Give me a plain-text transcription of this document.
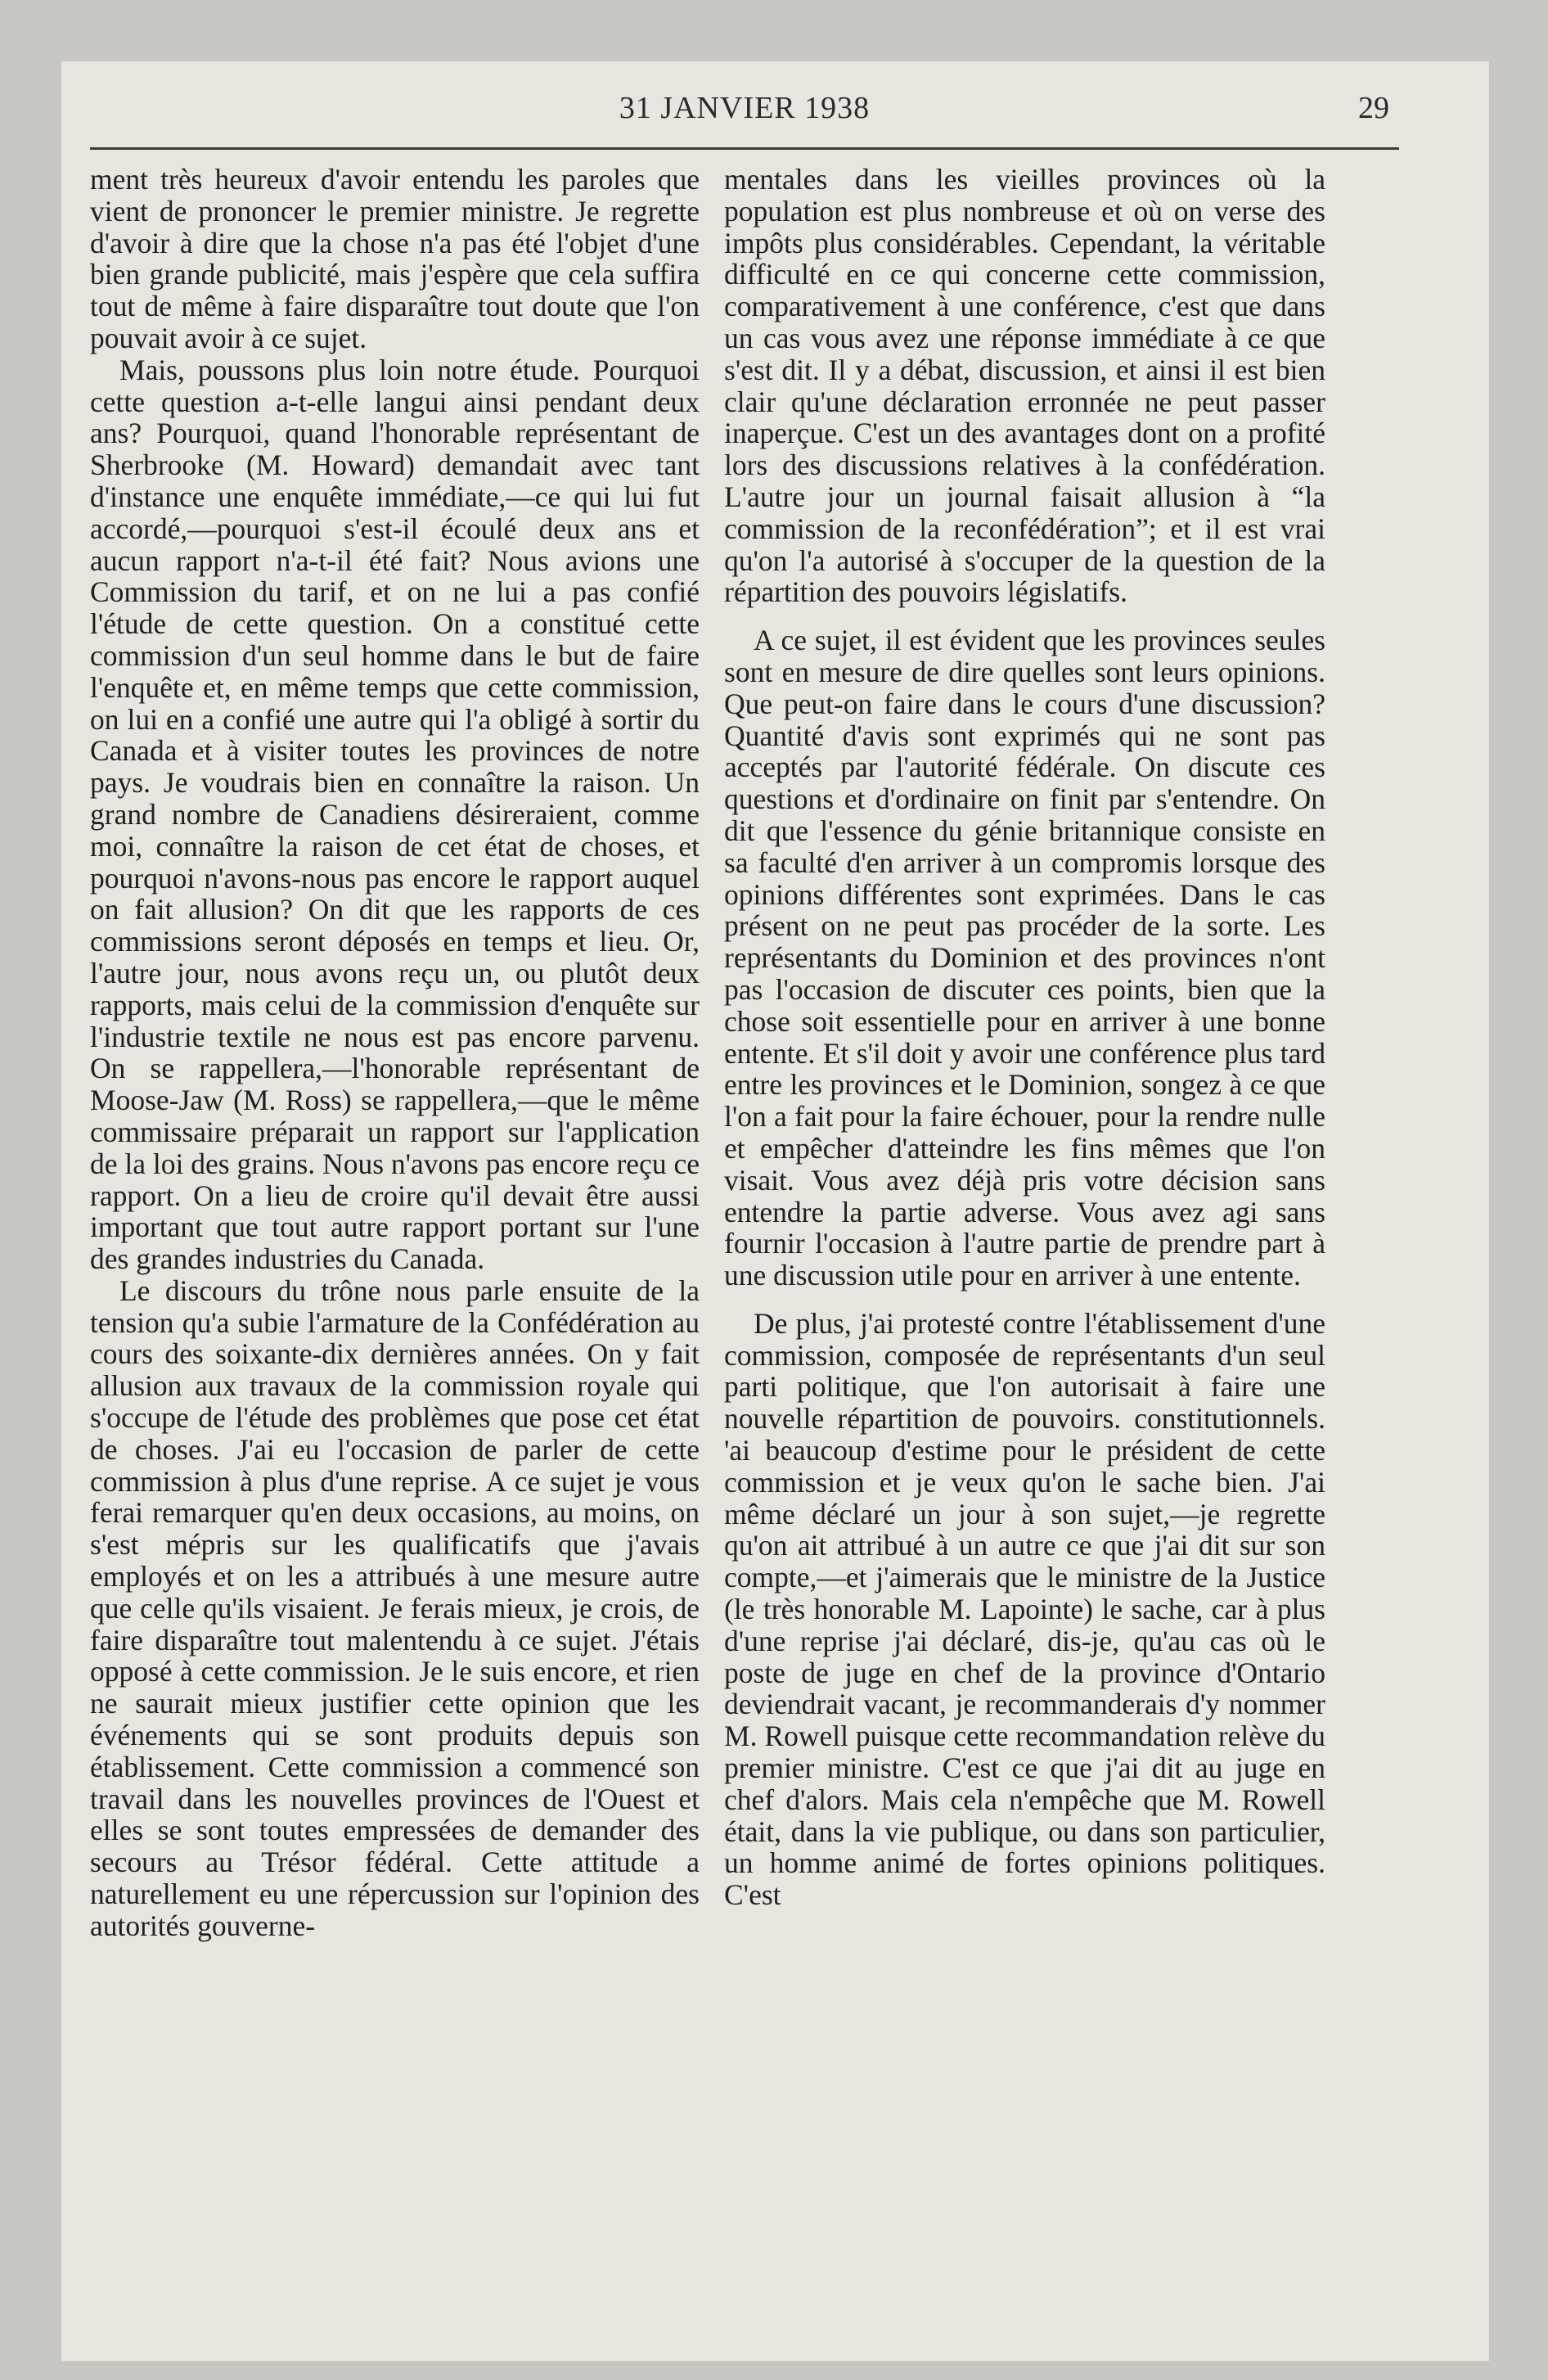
31 JANVIER 1938	29

ment très heureux d'avoir entendu les paroles que vient de prononcer le premier ministre. Je regrette d'avoir à dire que la chose n'a pas été l'objet d'une bien grande publicité, mais j'espère que cela suffira tout de même à faire disparaître tout doute que l'on pouvait avoir à ce sujet.

Mais, poussons plus loin notre étude. Pourquoi cette question a-t-elle langui ainsi pendant deux ans? Pourquoi, quand l'honorable représentant de Sherbrooke (M. Howard) demandait avec tant d'instance une enquête immédiate,—ce qui lui fut accordé,—pourquoi s'est-il écoulé deux ans et aucun rapport n'a-t-il été fait? Nous avions une Commission du tarif, et on ne lui a pas confié l'étude de cette question. On a constitué cette commission d'un seul homme dans le but de faire l'enquête et, en même temps que cette commission, on lui en a confié une autre qui l'a obligé à sortir du Canada et à visiter toutes les provinces de notre pays. Je voudrais bien en connaître la raison. Un grand nombre de Canadiens désireraient, comme moi, connaître la raison de cet état de choses, et pourquoi n'avons-nous pas encore le rapport auquel on fait allusion? On dit que les rapports de ces commissions seront déposés en temps et lieu. Or, l'autre jour, nous avons reçu un, ou plutôt deux rapports, mais celui de la commission d'enquête sur l'industrie textile ne nous est pas encore parvenu. On se rappellera,—l'honorable représentant de Moose-Jaw (M. Ross) se rappellera,—que le même commissaire préparait un rapport sur l'application de la loi des grains. Nous n'avons pas encore reçu ce rapport. On a lieu de croire qu'il devait être aussi important que tout autre rapport portant sur l'une des grandes industries du Canada.

Le discours du trône nous parle ensuite de la tension qu'a subie l'armature de la Confédération au cours des soixante-dix dernières années. On y fait allusion aux travaux de la commission royale qui s'occupe de l'étude des problèmes que pose cet état de choses. J'ai eu l'occasion de parler de cette commission à plus d'une reprise. A ce sujet je vous ferai remarquer qu'en deux occasions, au moins, on s'est mépris sur les qualificatifs que j'avais employés et on les a attribués à une mesure autre que celle qu'ils visaient. Je ferais mieux, je crois, de faire disparaître tout malentendu à ce sujet. J'étais opposé à cette commission. Je le suis encore, et rien ne saurait mieux justifier cette opinion que les événements qui se sont produits depuis son établissement. Cette commission a commencé son travail dans les nouvelles provinces de l'Ouest et elles se sont toutes empressées de demander des secours au Trésor fédéral. Cette attitude a naturellement eu une répercussion sur l'opinion des autorités gouverne-

mentales dans les vieilles provinces où la population est plus nombreuse et où on verse des impôts plus considérables. Cependant, la véritable difficulté en ce qui concerne cette commission, comparativement à une conférence, c'est que dans un cas vous avez une réponse immédiate à ce que s'est dit. Il y a débat, discussion, et ainsi il est bien clair qu'une déclaration erronnée ne peut passer inaperçue. C'est un des avantages dont on a profité lors des discussions relatives à la confédération. L'autre jour un journal faisait allusion à “la commission de la reconfédération”; et il est vrai qu'on l'a autorisé à s'occuper de la question de la répartition des pouvoirs législatifs.

A ce sujet, il est évident que les provinces seules sont en mesure de dire quelles sont leurs opinions. Que peut-on faire dans le cours d'une discussion? Quantité d'avis sont exprimés qui ne sont pas acceptés par l'autorité fédérale. On discute ces questions et d'ordinaire on finit par s'entendre. On dit que l'essence du génie britannique consiste en sa faculté d'en arriver à un compromis lorsque des opinions différentes sont exprimées. Dans le cas présent on ne peut pas procéder de la sorte. Les représentants du Dominion et des provinces n'ont pas l'occasion de discuter ces points, bien que la chose soit essentielle pour en arriver à une bonne entente. Et s'il doit y avoir une conférence plus tard entre les provinces et le Dominion, songez à ce que l'on a fait pour la faire échouer, pour la rendre nulle et empêcher d'atteindre les fins mêmes que l'on visait. Vous avez déjà pris votre décision sans entendre la partie adverse. Vous avez agi sans fournir l'occasion à l'autre partie de prendre part à une discussion utile pour en arriver à une entente.

De plus, j'ai protesté contre l'établissement d'une commission, composée de représentants d'un seul parti politique, que l'on autorisait à faire une nouvelle répartition de pouvoirs. constitutionnels. 'ai beaucoup d'estime pour le président de cette commission et je veux qu'on le sache bien. J'ai même déclaré un jour à son sujet,—je regrette qu'on ait attribué à un autre ce que j'ai dit sur son compte,—et j'aimerais que le ministre de la Justice (le très honorable M. Lapointe) le sache, car à plus d'une reprise j'ai déclaré, dis-je, qu'au cas où le poste de juge en chef de la province d'Ontario deviendrait vacant, je recommanderais d'y nommer M. Rowell puisque cette recommandation relève du premier ministre. C'est ce que j'ai dit au juge en chef d'alors. Mais cela n'empêche que M. Rowell était, dans la vie publique, ou dans son particulier, un homme animé de fortes opinions politiques. C'est
